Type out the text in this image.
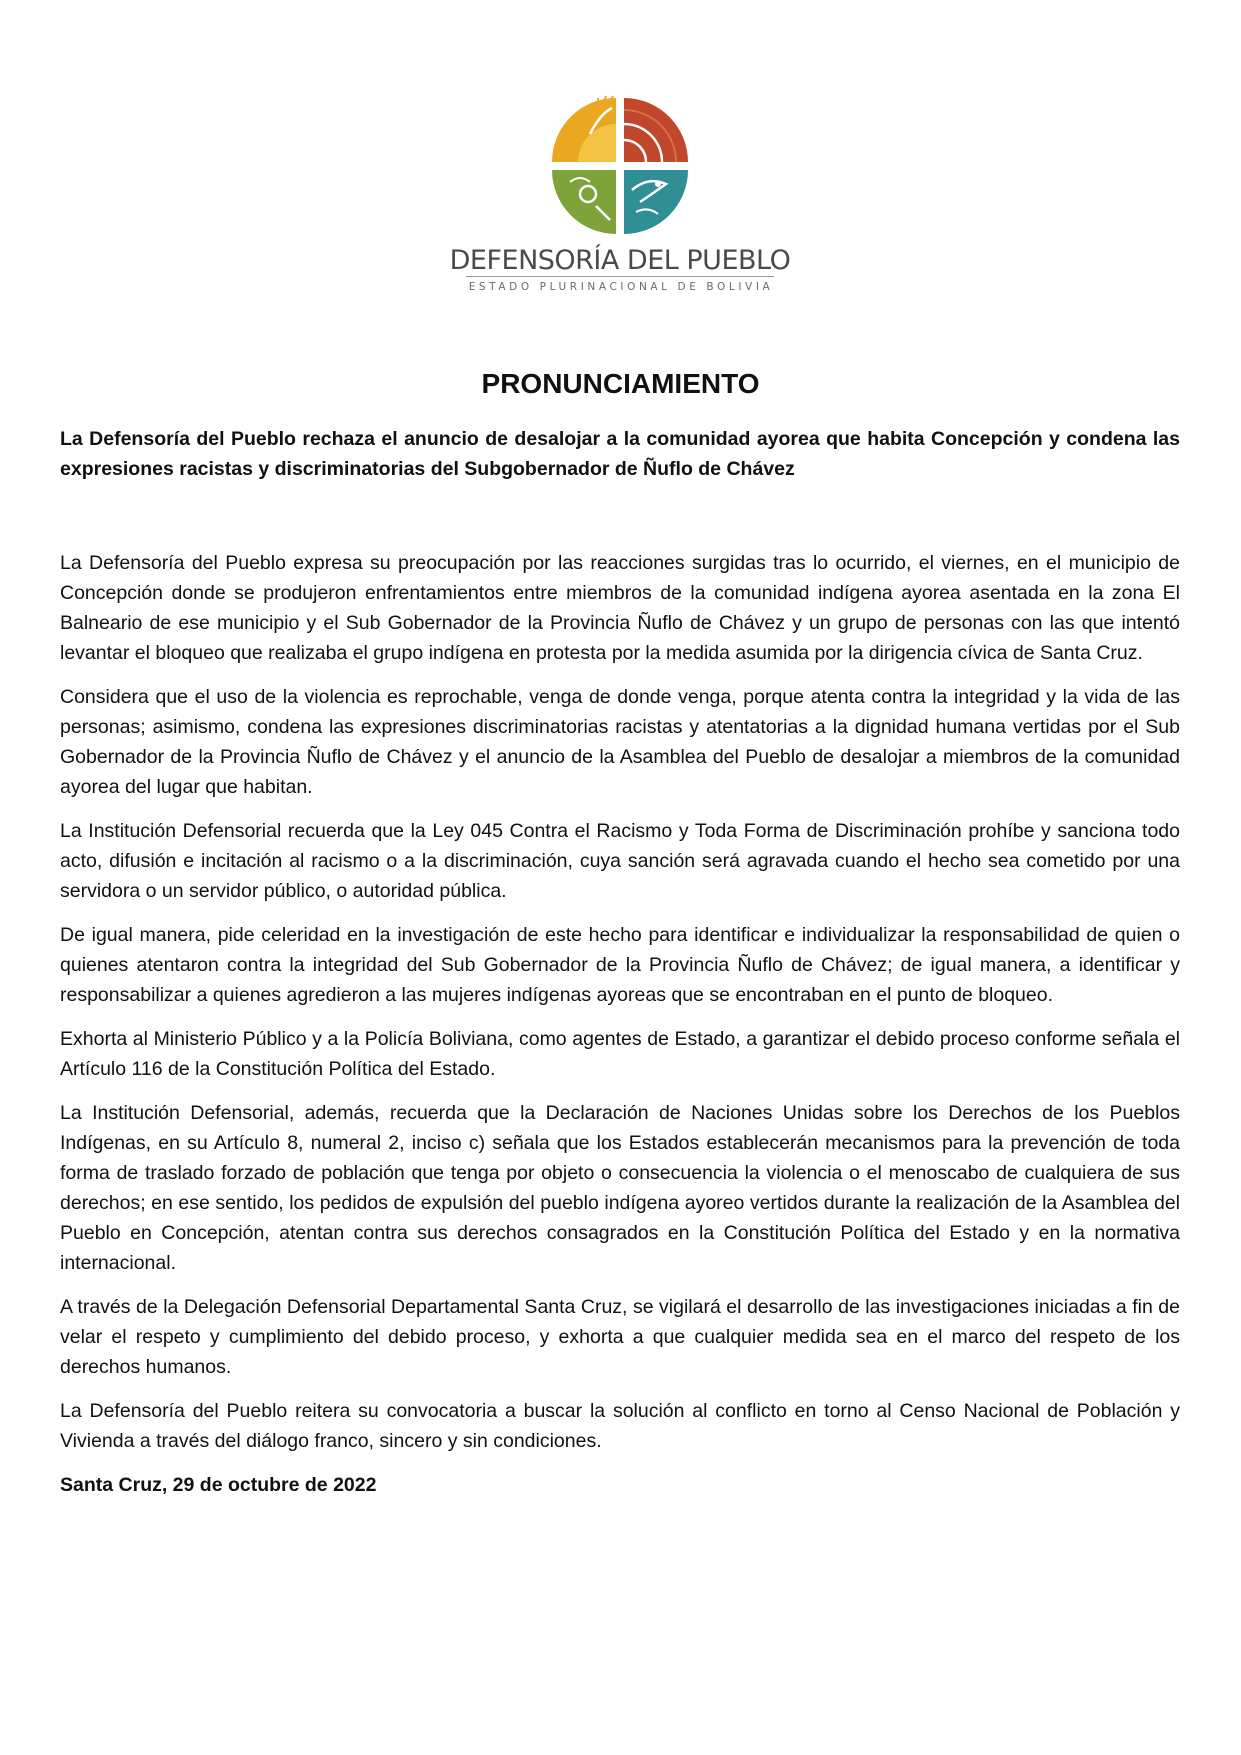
DEFENSORÍA DEL PUEBLO
ESTADO PLURINACIONAL DE BOLIVIA
PRONUNCIAMIENTO
La Defensoría del Pueblo rechaza el anuncio de desalojar a la comunidad ayorea que habita Concepción y condena las expresiones racistas y discriminatorias del Subgobernador de Ñuflo de Chávez

La Defensoría del Pueblo expresa su preocupación por las reacciones surgidas tras lo ocurrido, el viernes, en el municipio de Concepción donde se produjeron enfrentamientos entre miembros de la comunidad indígena ayorea asentada en la zona El Balneario de ese municipio y el Sub Gobernador de la Provincia Ñuflo de Chávez y un grupo de personas con las que intentó levantar el bloqueo que realizaba el grupo indígena en protesta por la medida asumida por la dirigencia cívica de Santa Cruz.

Considera que el uso de la violencia es reprochable, venga de donde venga, porque atenta contra la integridad y la vida de las personas; asimismo, condena las expresiones discriminatorias racistas y atentatorias a la dignidad humana vertidas por el Sub Gobernador de la Provincia Ñuflo de Chávez y el anuncio de la Asamblea del Pueblo de desalojar a miembros de la comunidad ayorea del lugar que habitan.

La Institución Defensorial recuerda que la Ley 045 Contra el Racismo y Toda Forma de Discriminación prohíbe y sanciona todo acto, difusión e incitación al racismo o a la discriminación, cuya sanción será agravada cuando el hecho sea cometido por una servidora o un servidor público, o autoridad pública.

De igual manera, pide celeridad en la investigación de este hecho para identificar e individualizar la responsabilidad de quien o quienes atentaron contra la integridad del Sub Gobernador de la Provincia Ñuflo de Chávez; de igual manera, a identificar y responsabilizar a quienes agredieron a las mujeres indígenas ayoreas que se encontraban en el punto de bloqueo.

Exhorta al Ministerio Público y a la Policía Boliviana, como agentes de Estado, a garantizar el debido proceso conforme señala el Artículo 116 de la Constitución Política del Estado.

La Institución Defensorial, además, recuerda que la Declaración de Naciones Unidas sobre los Derechos de los Pueblos Indígenas, en su Artículo 8, numeral 2, inciso c) señala que los Estados establecerán mecanismos para la prevención de toda forma de traslado forzado de población que tenga por objeto o consecuencia la violencia o el menoscabo de cualquiera de sus derechos; en ese sentido, los pedidos de expulsión del pueblo indígena ayoreo vertidos durante la realización de la Asamblea del Pueblo en Concepción, atentan contra sus derechos consagrados en la Constitución Política del Estado y en la normativa internacional.

A través de la Delegación Defensorial Departamental Santa Cruz, se vigilará el desarrollo de las investigaciones iniciadas a fin de velar el respeto y cumplimiento del debido proceso, y exhorta a que cualquier medida sea en el marco del respeto de los derechos humanos.

La Defensoría del Pueblo reitera su convocatoria a buscar la solución al conflicto en torno al Censo Nacional de Población y Vivienda a través del diálogo franco, sincero y sin condiciones.

Santa Cruz, 29 de octubre de 2022
